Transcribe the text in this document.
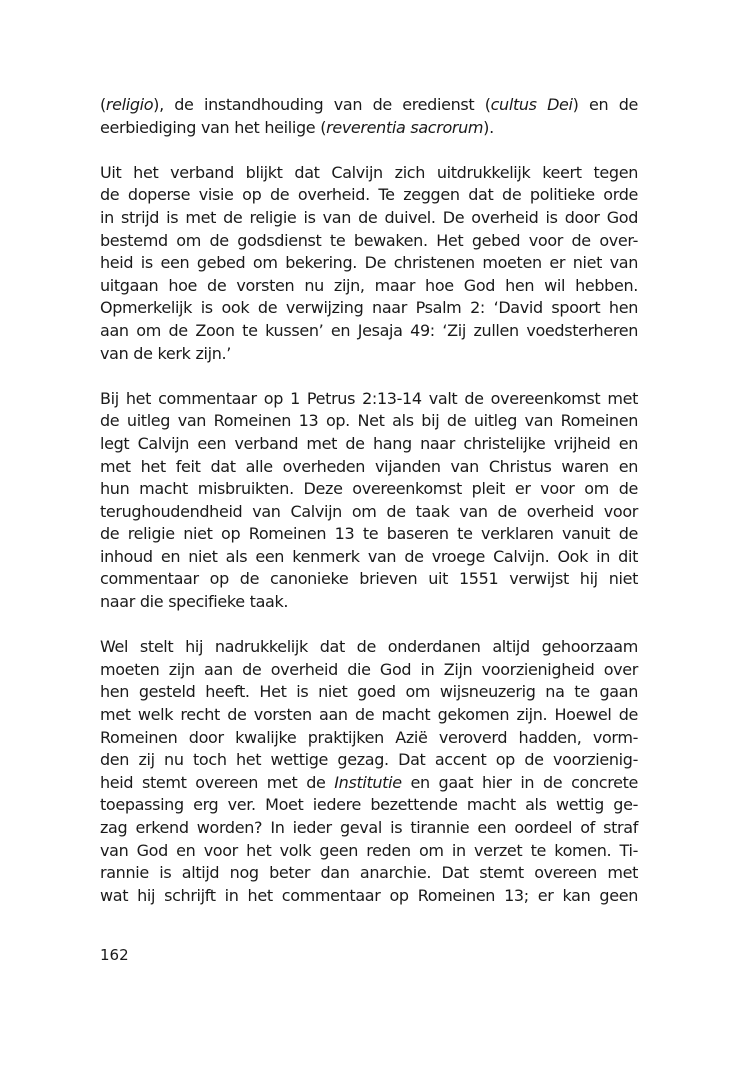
(religio), de instandhouding van de eredienst (cultus Dei) en de
eerbiediging van het heilige (reverentia sacrorum).

Uit het verband blijkt dat Calvijn zich uitdrukkelijk keert tegen
de doperse visie op de overheid. Te zeggen dat de politieke orde
in strijd is met de religie is van de duivel. De overheid is door God
bestemd om de godsdienst te bewaken. Het gebed voor de over-
heid is een gebed om bekering. De christenen moeten er niet van
uitgaan hoe de vorsten nu zijn, maar hoe God hen wil hebben.
Opmerkelijk is ook de verwijzing naar Psalm 2: ‘David spoort hen
aan om de Zoon te kussen’ en Jesaja 49: ‘Zij zullen voedsterheren
van de kerk zijn.’

Bij het commentaar op 1 Petrus 2:13-14 valt de overeenkomst met
de uitleg van Romeinen 13 op. Net als bij de uitleg van Romeinen
legt Calvijn een verband met de hang naar christelijke vrijheid en
met het feit dat alle overheden vijanden van Christus waren en
hun macht misbruikten. Deze overeenkomst pleit er voor om de
terughoudendheid van Calvijn om de taak van de overheid voor
de religie niet op Romeinen 13 te baseren te verklaren vanuit de
inhoud en niet als een kenmerk van de vroege Calvijn. Ook in dit
commentaar op de canonieke brieven uit 1551 verwijst hij niet
naar die specifieke taak.

Wel stelt hij nadrukkelijk dat de onderdanen altijd gehoorzaam
moeten zijn aan de overheid die God in Zijn voorzienigheid over
hen gesteld heeft. Het is niet goed om wijsneuzerig na te gaan
met welk recht de vorsten aan de macht gekomen zijn. Hoewel de
Romeinen door kwalijke praktijken Azië veroverd hadden, vorm-
den zij nu toch het wettige gezag. Dat accent op de voorzienig-
heid stemt overeen met de Institutie en gaat hier in de concrete
toepassing erg ver. Moet iedere bezettende macht als wettig ge-
zag erkend worden? In ieder geval is tirannie een oordeel of straf
van God en voor het volk geen reden om in verzet te komen. Ti-
rannie is altijd nog beter dan anarchie. Dat stemt overeen met
wat hij schrijft in het commentaar op Romeinen 13; er kan geen

162
